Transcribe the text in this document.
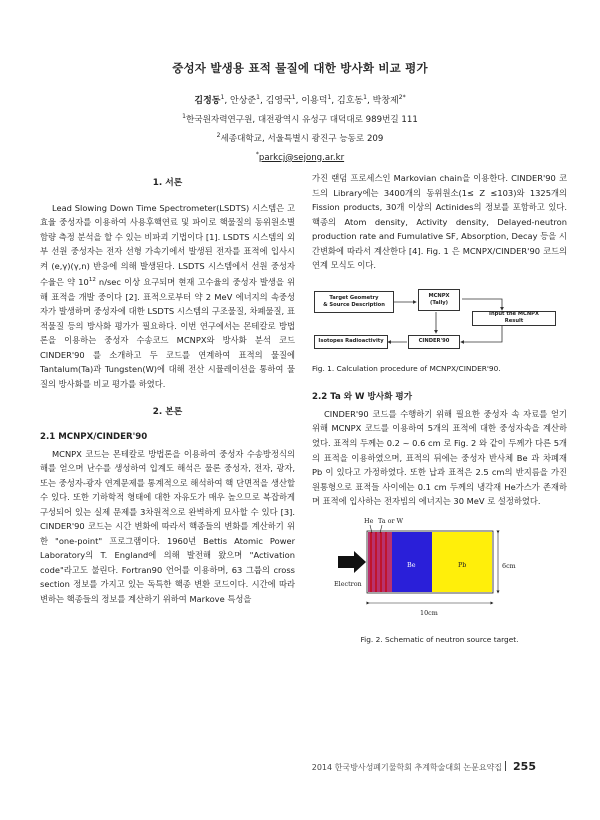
중성자 발생용 표적 물질에 대한 방사화 비교 평가
김정동$^1$, 안상준$^1$, 김영국$^1$, 이용덕$^1$, 김호동$^1$, 박창제$^{2*}$
$^1$한국원자력연구원, 대전광역시 유성구 대덕대로 989번길 111
$^2$세종대학교, 서울특별시 광진구 능동로 209
*parkcj@sejong.ar.kr
1. 서론

Lead Slowing Down Time Spectrometer(LSDTS) 시스템은 고효율 중성자를 이용하여 사용후핵연료 및 파이로 핵물질의 동위원소별 함량 측정 분석을 할 수 있는 비파괴 기법이다 [1]. LSDTS 시스템의 외부 선원 중성자는 전자 선형 가속기에서 발생된 전자를 표적에 입사시켜 (e,γ)(γ,n) 반응에 의해 발생된다. LSDTS 시스템에서 선원 중성자 수율은 약 $10^{12}$ n/sec 이상 요구되며 현재 고수율의 중성자 발생을 위해 표적을 개발 중이다 [2]. 표적으로부터 약 2 MeV 에너지의 속중성자가 발생하며 중성자에 대한 LSDTS 시스템의 구조물질, 차폐물질, 표적물질 등의 방사화 평가가 필요하다. 이번 연구에서는 몬테칼로 방법론을 이용하는 중성자 수송코드 MCNPX와 방사화 분석 코드 CINDER'90 를 소개하고 두 코드를 연계하여 표적의 물질에 Tantalum(Ta)과 Tungsten(W)에 대해 전산 시뮬레이션을 통하여 물질의 방사화를 비교 평가를 하였다.

2. 본론
2.1 MCNPX/CINDER'90

MCNPX 코드는 몬테칼로 방법론을 이용하여 중성자 수송방정식의 해를 얻으며 난수를 생성하여 입계도 해석은 물론 중성자, 전자, 광자, 또는 중성자-광자 연계문제를 통계적으로 해석하여 핵 단면적을 생산할 수 있다. 또한 기하학적 형태에 대한 자유도가 매우 높으므로 복잡하게 구성되어 있는 실제 문제를 3차원적으로 완벽하게 묘사할 수 있다 [3]. CINDER'90 코드는 시간 변화에 따라서 핵종들의 변화를 계산하기 위한 "one-point" 프로그램이다. 1960년 Bettis Atomic Power Laboratory의 T. England에 의해 발전해 왔으며 "Activation code"라고도 불린다. Fortran90 언어를 이용하며, 63 그룹의 cross section 정보를 가지고 있는 독특한 핵종 변환 코드이다. 시간에 따라 변하는 핵종들의 정보를 계산하기 위하여 Markove 특성을

가진 랜덤 프로세스인 Markovian chain을 이용한다. CINDER'90 코드의 Library에는 3400개의 동위원소(1≤ Z ≤103)와 1325개의 Fission products, 30개 이상의 Actinides의 정보를 포함하고 있다. 핵종의 Atom density, Activity density, Delayed-neutron production rate and Fumulative SF, Absorption, Decay 등을 시간변화에 따라서 계산한다 [4]. Fig. 1 은 MCNPX/CINDER'90 코드의 연계 모식도 이다.

Target Geometry
& Source Description
MCNPX
(Tally)
Input the MCNPX
Result
Isotopes Radioactivity	CINDER'90
Fig. 1. Calculation procedure of MCNPX/CINDER'90.
2.2 Ta 와 W 방사화 평가

CINDER'90 코드를 수행하기 위해 필요한 중성자 속 자료를 얻기 위해 MCNPX 코드를 이용하여 5개의 표적에 대한 중성자속을 계산하였다. 표적의 두께는 0.2 ~ 0.6 cm 로 Fig. 2 와 같이 두께가 다른 5개의 표적을 이용하였으며, 표적의 뒤에는 중성자 반사체 Be 과 차폐재 Pb 이 있다고 가정하였다. 또한 납과 표적은 2.5 cm의 반지름을 가진 원통형으로 표적들 사이에는 0.1 cm 두께의 냉각재 He가스가 존재하며 표적에 입사하는 전자빔의 에너지는 30 MeV 로 설정하였다.

He Ta or W
Be	Pb
Electron
10cm
6cm
Fig. 2. Schematic of neutron source target.
2014 한국방사성폐기물학회 추계학술대회 논문요약집 255
